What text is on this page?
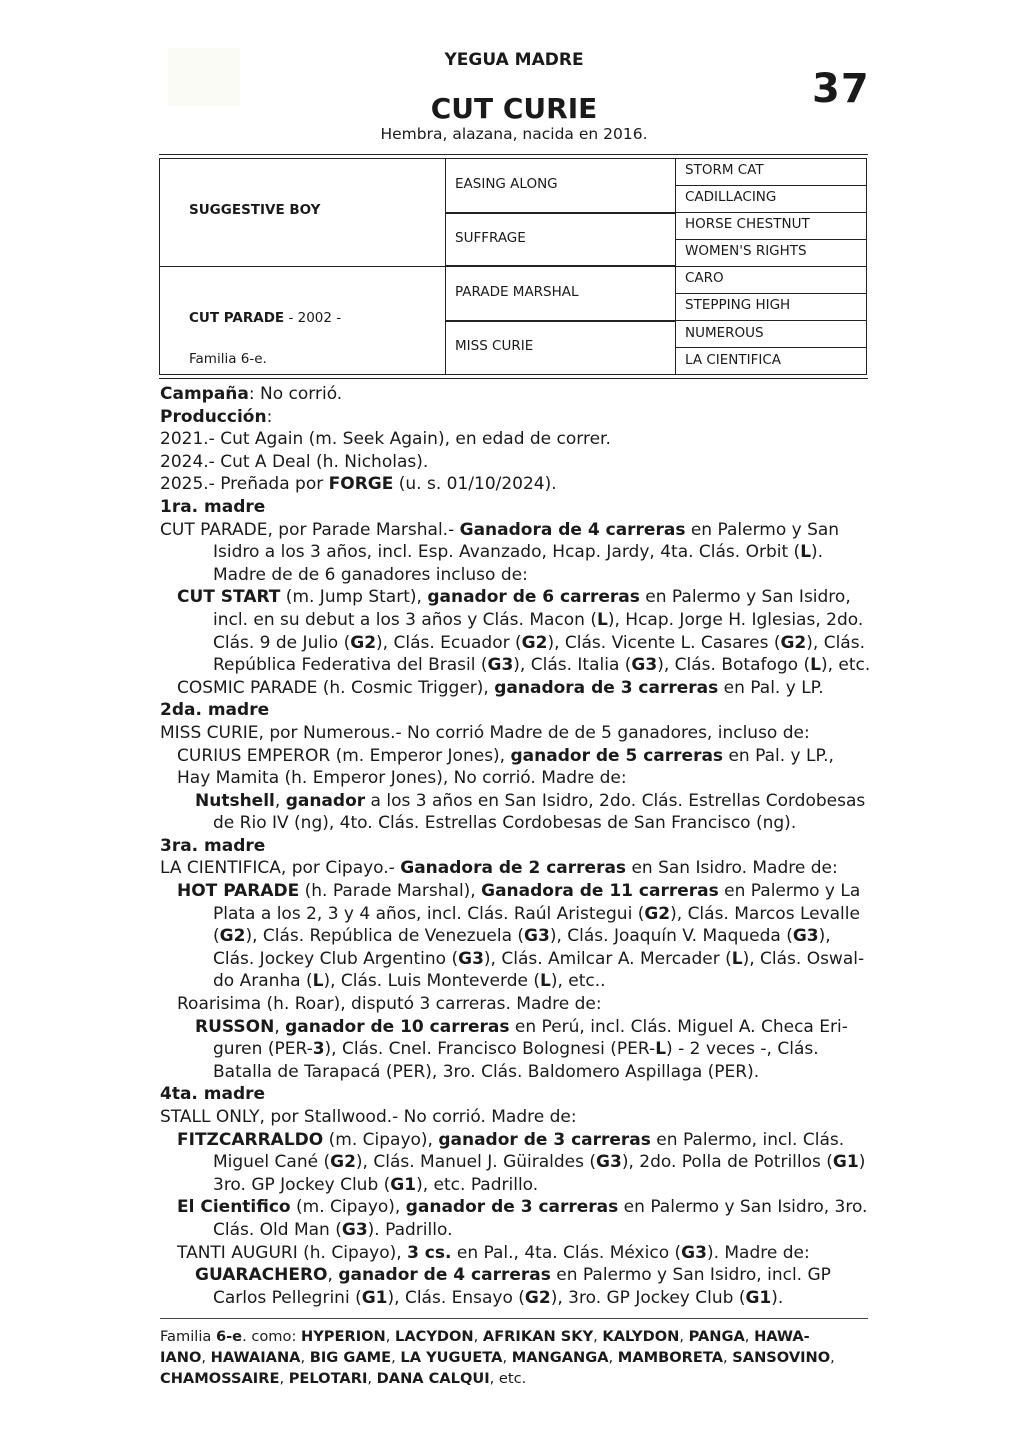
YEGUA MADRE
37
CUT CURIE
Hembra, alazana, nacida en 2016.
SUGGESTIVE BOY
CUT PARADE - 2002 -
Familia 6-e.
EASING ALONG
SUFFRAGE
PARADE MARSHAL
MISS CURIE
STORM CAT
CADILLACING
HORSE CHESTNUT
WOMEN'S RIGHTS
CARO
STEPPING HIGH
NUMEROUS
LA CIENTIFICA
Campaña: No corrió.
Producción:
2021.- Cut Again (m. Seek Again), en edad de correr.
2024.- Cut A Deal (h. Nicholas).
2025.- Preñada por FORGE (u. s. 01/10/2024).
1ra. madre
CUT PARADE, por Parade Marshal.- Ganadora de 4 carreras en Palermo y San
Isidro a los 3 años, incl. Esp. Avanzado, Hcap. Jardy, 4ta. Clás. Orbit (L).
Madre de de 6 ganadores incluso de:
CUT START (m. Jump Start), ganador de 6 carreras en Palermo y San Isidro,
incl. en su debut a los 3 años y Clás. Macon (L), Hcap. Jorge H. Iglesias, 2do.
Clás. 9 de Julio (G2), Clás. Ecuador (G2), Clás. Vicente L. Casares (G2), Clás.
República Federativa del Brasil (G3), Clás. Italia (G3), Clás. Botafogo (L), etc.
COSMIC PARADE (h. Cosmic Trigger), ganadora de 3 carreras en Pal. y LP.
2da. madre
MISS CURIE, por Numerous.- No corrió Madre de de 5 ganadores, incluso de:
CURIUS EMPEROR (m. Emperor Jones), ganador de 5 carreras en Pal. y LP.,
Hay Mamita (h. Emperor Jones), No corrió. Madre de:
Nutshell, ganador a los 3 años en San Isidro, 2do. Clás. Estrellas Cordobesas
de Rio IV (ng), 4to. Clás. Estrellas Cordobesas de San Francisco (ng).
3ra. madre
LA CIENTIFICA, por Cipayo.- Ganadora de 2 carreras en San Isidro. Madre de:
HOT PARADE (h. Parade Marshal), Ganadora de 11 carreras en Palermo y La
Plata a los 2, 3 y 4 años, incl. Clás. Raúl Aristegui (G2), Clás. Marcos Levalle
(G2), Clás. República de Venezuela (G3), Clás. Joaquín V. Maqueda (G3),
Clás. Jockey Club Argentino (G3), Clás. Amilcar A. Mercader (L), Clás. Oswal-
do Aranha (L), Clás. Luis Monteverde (L), etc..
Roarisima (h. Roar), disputó 3 carreras. Madre de:
RUSSON, ganador de 10 carreras en Perú, incl. Clás. Miguel A. Checa Eri-
guren (PER-3), Clás. Cnel. Francisco Bolognesi (PER-L) - 2 veces -, Clás.
Batalla de Tarapacá (PER), 3ro. Clás. Baldomero Aspillaga (PER).
4ta. madre
STALL ONLY, por Stallwood.- No corrió. Madre de:
FITZCARRALDO (m. Cipayo), ganador de 3 carreras en Palermo, incl. Clás.
Miguel Cané (G2), Clás. Manuel J. Güiraldes (G3), 2do. Polla de Potrillos (G1)
3ro. GP Jockey Club (G1), etc. Padrillo.
El Cientifico (m. Cipayo), ganador de 3 carreras en Palermo y San Isidro, 3ro.
Clás. Old Man (G3). Padrillo.
TANTI AUGURI (h. Cipayo), 3 cs. en Pal., 4ta. Clás. México (G3). Madre de:
GUARACHERO, ganador de 4 carreras en Palermo y San Isidro, incl. GP
Carlos Pellegrini (G1), Clás. Ensayo (G2), 3ro. GP Jockey Club (G1).
Familia 6-e. como: HYPERION, LACYDON, AFRIKAN SKY, KALYDON, PANGA, HAWA-
IANO, HAWAIANA, BIG GAME, LA YUGUETA, MANGANGA, MAMBORETA, SANSOVINO,
CHAMOSSAIRE, PELOTARI, DANA CALQUI, etc.
